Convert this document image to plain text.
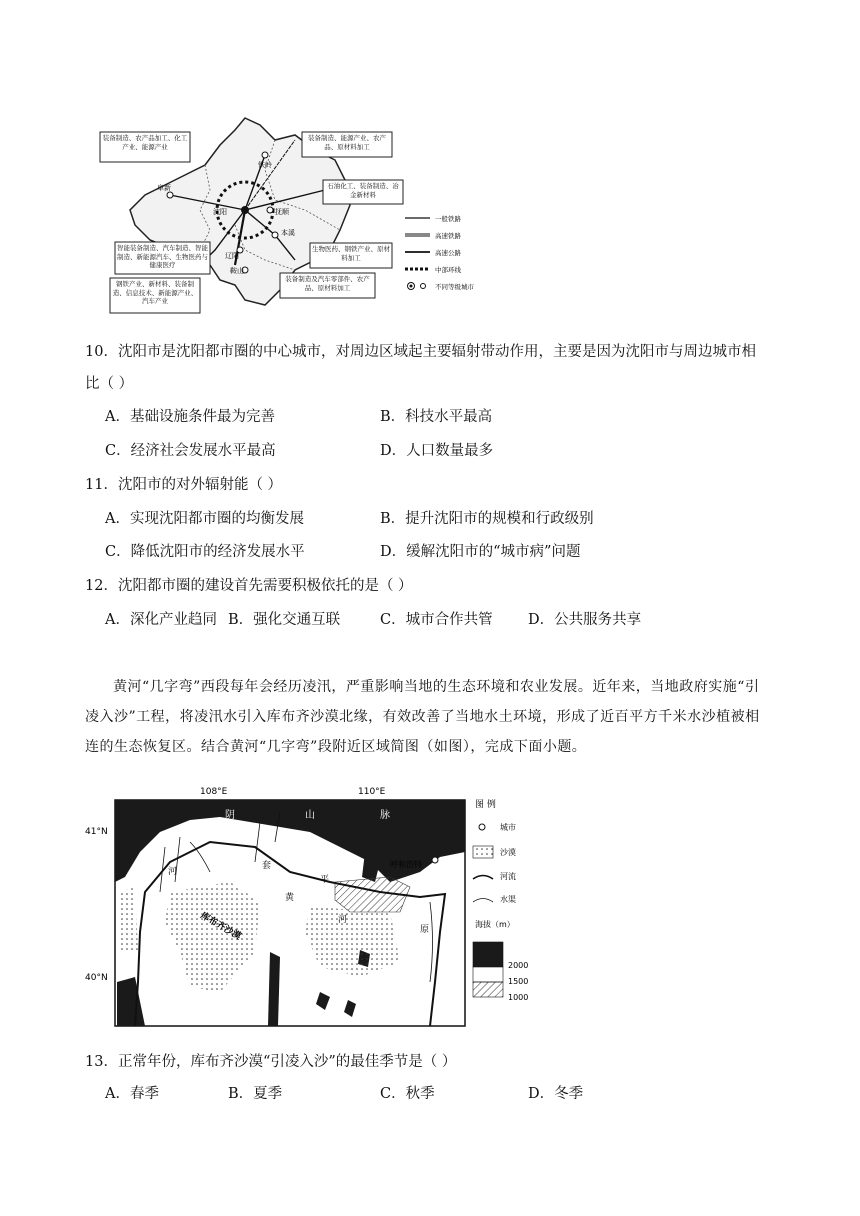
铁岭
阜新
沈阳	抚顺
本溪
辽阳
鞍山
装备制造、农产品加工、化工产业、能源产业
装备制造、能源产业、农产品、原材料加工
石油化工、装备制造、冶金新材料
智能装备制造、汽车制造、智能制造、新能源汽车、生物医药与健康医疗
生物医药、钢铁产业、原材料加工
装备制造及汽车零部件、农产品、原材料加工
钢铁产业、新材料、装备制造、信息技术、新能源产业、汽车产业
一般铁路
高速铁路
高速公路
中部环线
不同等级城市
10．沈阳市是沈阳都市圈的中心城市，对周边区域起主要辐射带动作用，主要是因为沈阳市与周边城市相
比（ ）
A．基础设施条件最为完善	B．科技水平最高
C．经济社会发展水平最高	D．人口数量最多
11．沈阳市的对外辐射能（ ）
A．实现沈阳都市圈的均衡发展	B．提升沈阳市的规模和行政级别
C．降低沈阳市的经济发展水平	D．缓解沈阳市的“城市病”问题
12．沈阳都市圈的建设首先需要积极依托的是（ ）
A．深化产业趋同 B．强化交通互联	C．城市合作共管 D．公共服务共享
黄河“几字弯”西段每年会经历凌汛，严重影响当地的生态环境和农业发展。近年来，当地政府实施“引
凌入沙”工程，将凌汛水引入库布齐沙漠北缘，有效改善了当地水土环境，形成了近百平方千米水沙植被相
连的生态恢复区。结合黄河“几字弯”段附近区域简图（如图），完成下面小题。
108°E	110°E
41°N
40°N
阴	山	脉
河
套
平
原
黄
河
库布齐沙漠
呼和浩特
图 例
城市
沙漠
河流
水渠
海拔（m）
2000
1500
1000
13．正常年份，库布齐沙漠“引凌入沙”的最佳季节是（ ）
A．春季	B．夏季	C．秋季	D．冬季
